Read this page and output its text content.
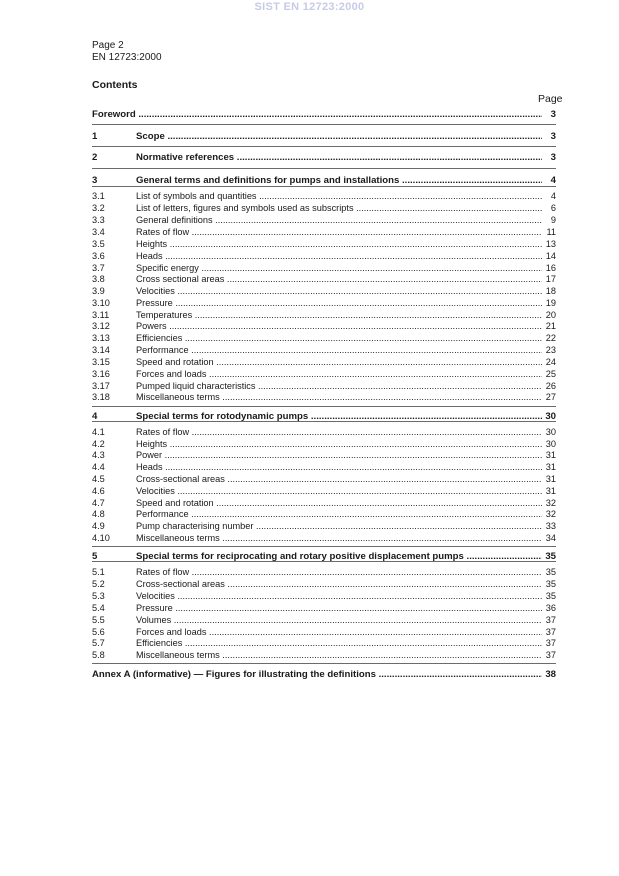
SIST EN 12723:2000
Page 2
EN 12723:2000
Contents
Page
Foreword .....	3
1	Scope .....	3
2	Normative references .....	3
3	General terms and definitions for pumps and installations .....	4
3.1	List of symbols and quantities .....	4
3.2	List of letters, figures and symbols used as subscripts .....	6
3.3	General definitions .....	9
3.4	Rates of flow .....	11
3.5	Heights .....	13
3.6	Heads .....	14
3.7	Specific energy .....	16
3.8	Cross sectional areas .....	17
3.9	Velocities .....	18
3.10	Pressure .....	19
3.11	Temperatures .....	20
3.12	Powers .....	21
3.13	Efficiencies .....	22
3.14	Performance .....	23
3.15	Speed and rotation .....	24
3.16	Forces and loads .....	25
3.17	Pumped liquid characteristics .....	26
3.18	Miscellaneous terms .....	27
4	Special terms for rotodynamic pumps .....	30
4.1	Rates of flow .....	30
4.2	Heights .....	30
4.3	Power .....	31
4.4	Heads .....	31
4.5	Cross-sectional areas .....	31
4.6	Velocities .....	31
4.7	Speed and rotation .....	32
4.8	Performance .....	32
4.9	Pump characterising number .....	33
4.10	Miscellaneous terms .....	34
5	Special terms for reciprocating and rotary positive displacement pumps .....	35
5.1	Rates of flow .....	35
5.2	Cross-sectional areas .....	35
5.3	Velocities .....	35
5.4	Pressure .....	36
5.5	Volumes .....	37
5.6	Forces and loads .....	37
5.7	Efficiencies .....	37
5.8	Miscellaneous terms .....	37
Annex A (informative) — Figures for illustrating the definitions .....	38
